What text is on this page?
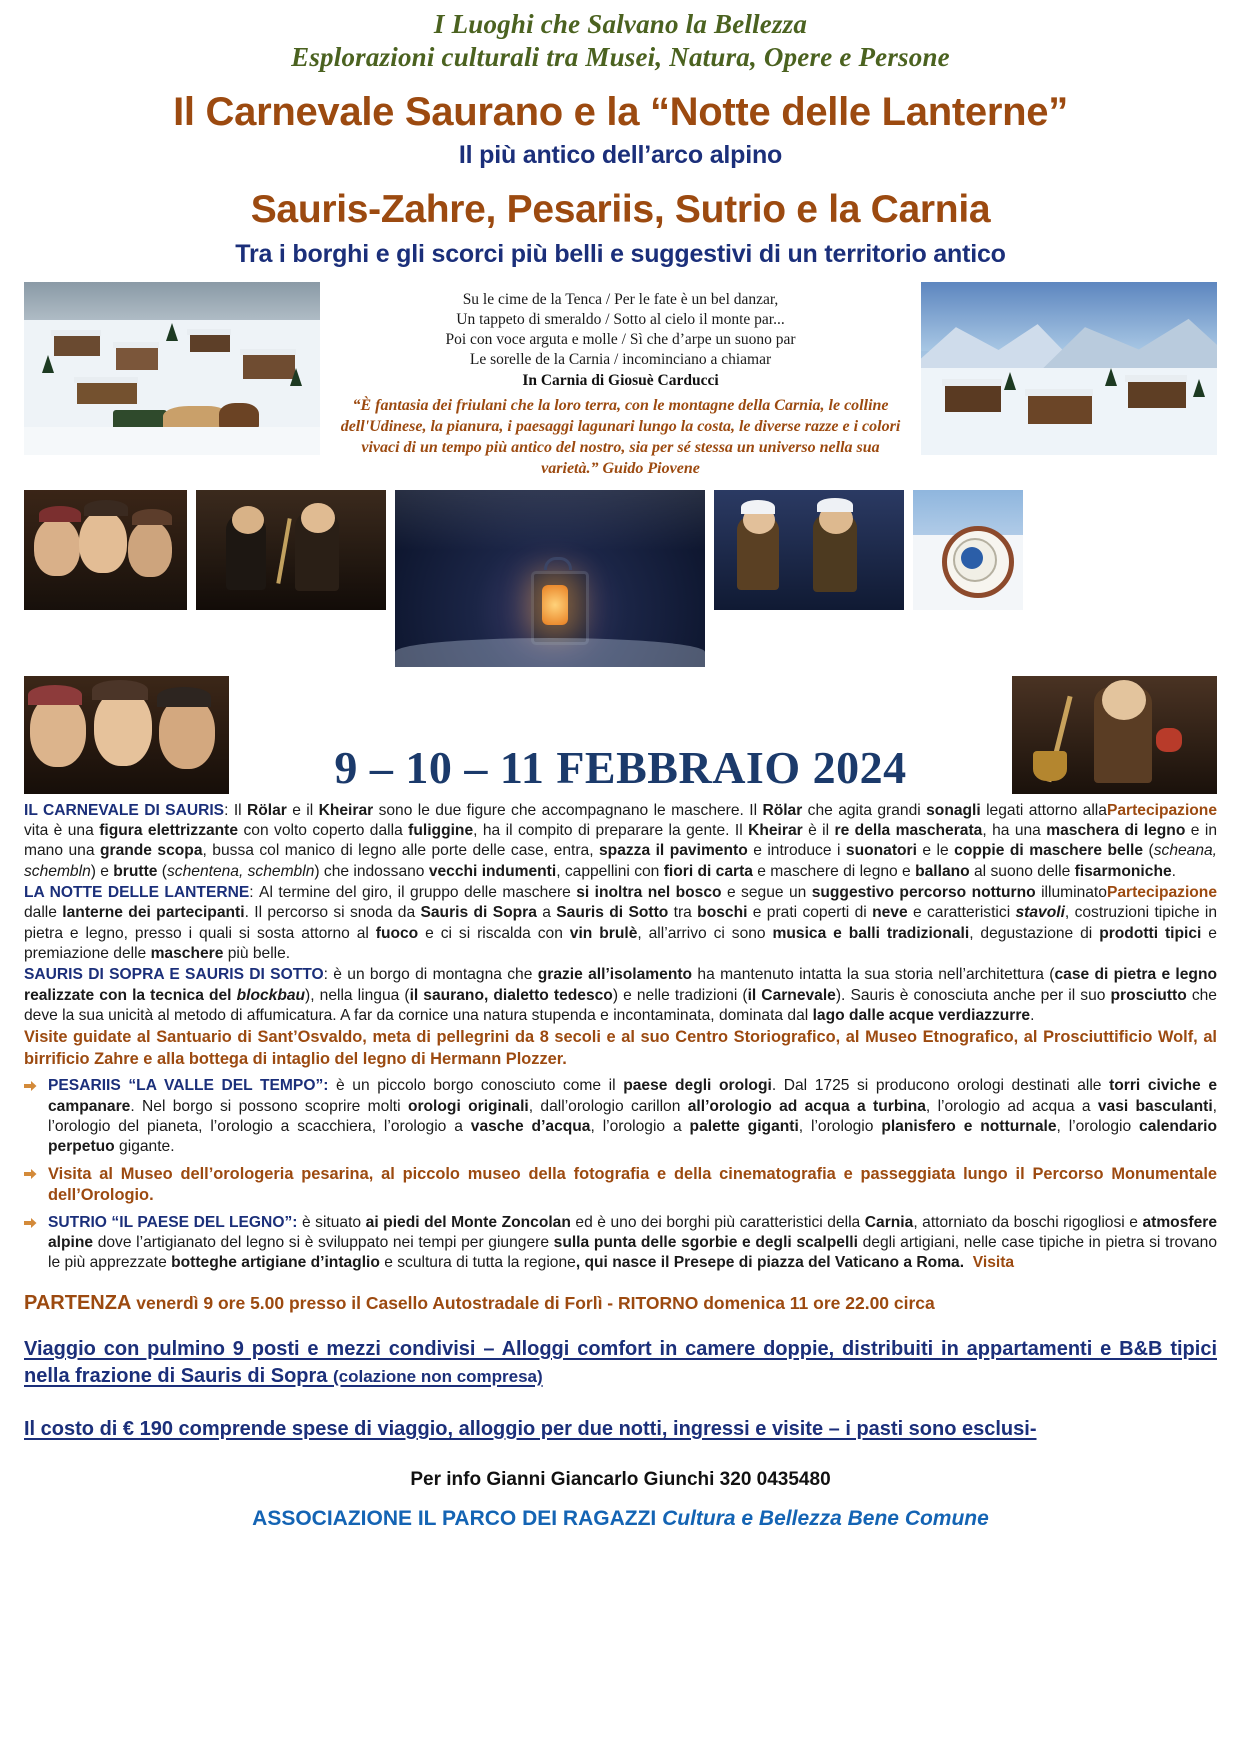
I Luoghi che Salvano la Bellezza
Esplorazioni culturali tra Musei, Natura, Opere e Persone
Il Carnevale Saurano e la “Notte delle Lanterne”
Il più antico dell’arco alpino
Sauris-Zahre, Pesariis, Sutrio e la Carnia
Tra i borghi e gli scorci più belli e suggestivi di un territorio antico
Su le cime de la Tenca / Per le fate è un bel danzar,
Un tappeto di smeraldo / Sotto al cielo il monte par...
Poi con voce arguta e molle / Sì che d’arpe un suono par
Le sorelle de la Carnia / incominciano a chiamar
In Carnia di Giosuè Carducci
“È fantasia dei friulani che la loro terra, con le montagne della Carnia, le colline dell'Udinese, la pianura, i paesaggi lagunari lungo la costa, le diverse razze e i colori vivaci di un tempo più antico del nostro, sia per sé stessa un universo nella sua varietà.” Guido Piovene
9 – 10 – 11 FEBBRAIO 2024
IL CARNEVALE DI SAURIS:	Partecipazione
Il Rölar e il Kheirar sono le due figure che accompagnano le maschere. Il Rölar che agita grandi sonagli legati attorno alla vita è una figura elettrizzante con volto coperto dalla fuliggine, ha il compito di preparare la gente. Il Kheirar è il re della mascherata, ha una maschera di legno e in mano una grande scopa, bussa col manico di legno alle porte delle case, entra, spazza il pavimento e introduce i suonatori e le coppie di maschere belle (scheana, schembln) e brutte (schentena, schembln) che indossano vecchi indumenti, cappellini con fiori di carta e maschere di legno e ballano al suono delle fisarmoniche.
LA NOTTE DELLE LANTERNE:	Partecipazione
Al termine del giro, il gruppo delle maschere si inoltra nel bosco e segue un suggestivo percorso notturno illuminato dalle lanterne dei partecipanti. Il percorso si snoda da Sauris di Sopra a Sauris di Sotto tra boschi e prati coperti di neve e caratteristici stavoli, costruzioni tipiche in pietra e legno, presso i quali si sosta attorno al fuoco e ci si riscalda con vin brulè, all’arrivo ci sono musica e balli tradizionali, degustazione di prodotti tipici e premiazione delle maschere più belle.
SAURIS DI SOPRA E SAURIS DI SOTTO: è un borgo di montagna che grazie all’isolamento ha mantenuto intatta la sua storia nell’architettura (case di pietra e legno realizzate con la tecnica del blockbau), nella lingua (il saurano, dialetto tedesco) e nelle tradizioni (il Carnevale). Sauris è conosciuta anche per il suo prosciutto che deve la sua unicità al metodo di affumicatura. A far da cornice una natura stupenda e incontaminata, dominata dal lago dalle acque verdiazzurre.
Visite guidate al Santuario di Sant’Osvaldo, meta di pellegrini da 8 secoli e al suo Centro Storiografico, al Museo Etnografico, al Prosciuttificio Wolf, al birrificio Zahre e alla bottega di intaglio del legno di Hermann Plozzer.
PESARIIS “LA VALLE DEL TEMPO”: è un piccolo borgo conosciuto come il paese degli orologi. Dal 1725 si producono orologi destinati alle torri civiche e campanare. Nel borgo si possono scoprire molti orologi originali, dall’orologio carillon all’orologio ad acqua a turbina, l’orologio ad acqua a vasi basculanti, l’orologio del pianeta, l’orologio a scacchiera, l’orologio a vasche d’acqua, l’orologio a palette giganti, l’orologio planisfero e notturnale, l’orologio calendario perpetuo gigante.
Visita al Museo dell’orologeria pesarina, al piccolo museo della fotografia e della cinematografia e passeggiata lungo il Percorso Monumentale dell’Orologio.
SUTRIO “IL PAESE DEL LEGNO”: è situato ai piedi del Monte Zoncolan ed è uno dei borghi più caratteristici della Carnia, attorniato da boschi rigogliosi e atmosfere alpine dove l’artigianato del legno si è sviluppato nei tempi per giungere sulla punta delle sgorbie e degli scalpelli degli artigiani, nelle case tipiche in pietra si trovano le più apprezzate botteghe artigiane d’intaglio e scultura di tutta la regione, qui nasce il Presepe di piazza del Vaticano a Roma. Visita
PARTENZA venerdì 9 ore 5.00 presso il Casello Autostradale di Forlì - RITORNO domenica 11 ore 22.00 circa
Viaggio con pulmino 9 posti e mezzi condivisi – Alloggi comfort in camere doppie, distribuiti in appartamenti e B&B tipici nella frazione di Sauris di Sopra (colazione non compresa)
Il costo di € 190 comprende spese di viaggio, alloggio per due notti, ingressi e visite – i pasti sono esclusi-
Per info Gianni Giancarlo Giunchi 320 0435480
ASSOCIAZIONE IL PARCO DEI RAGAZZI Cultura e Bellezza Bene Comune
